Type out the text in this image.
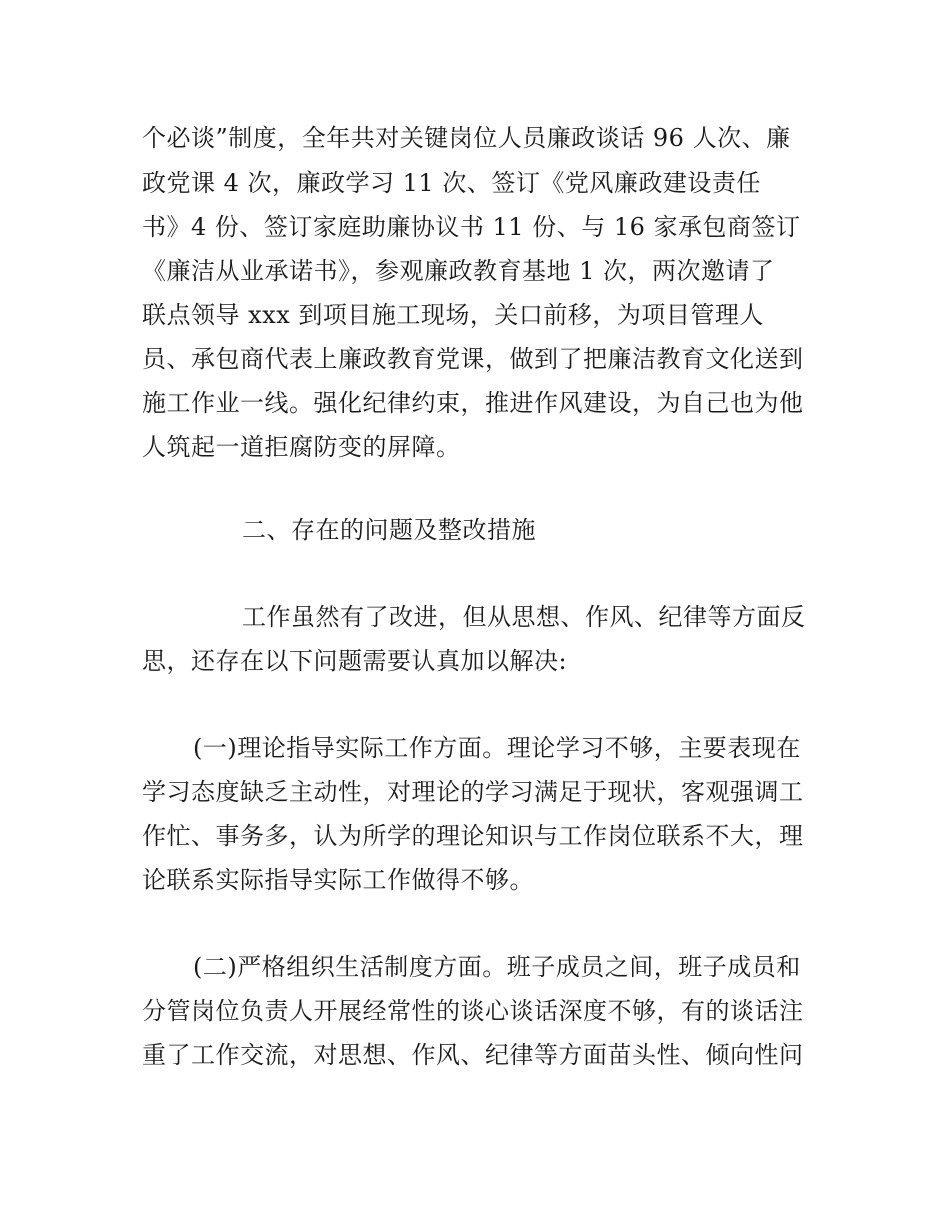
个必谈”制度，全年共对关键岗位人员廉政谈话 96 人次、廉
政党课 4 次，廉政学习 11 次、签订《党风廉政建设责任
书》4 份、签订家庭助廉协议书 11 份、与 16 家承包商签订
《廉洁从业承诺书》，参观廉政教育基地 1 次，两次邀请了
联点领导 xxx 到项目施工现场，关口前移，为项目管理人
员、承包商代表上廉政教育党课，做到了把廉洁教育文化送到
施工作业一线。强化纪律约束，推进作风建设，为自己也为他
人筑起一道拒腐防变的屏障。
二、存在的问题及整改措施
工作虽然有了改进，但从思想、作风、纪律等方面反
思，还存在以下问题需要认真加以解决:
(一)理论指导实际工作方面。理论学习不够，主要表现在
学习态度缺乏主动性，对理论的学习满足于现状，客观强调工
作忙、事务多，认为所学的理论知识与工作岗位联系不大，理
论联系实际指导实际工作做得不够。
(二)严格组织生活制度方面。班子成员之间，班子成员和
分管岗位负责人开展经常性的谈心谈话深度不够，有的谈话注
重了工作交流，对思想、作风、纪律等方面苗头性、倾向性问
